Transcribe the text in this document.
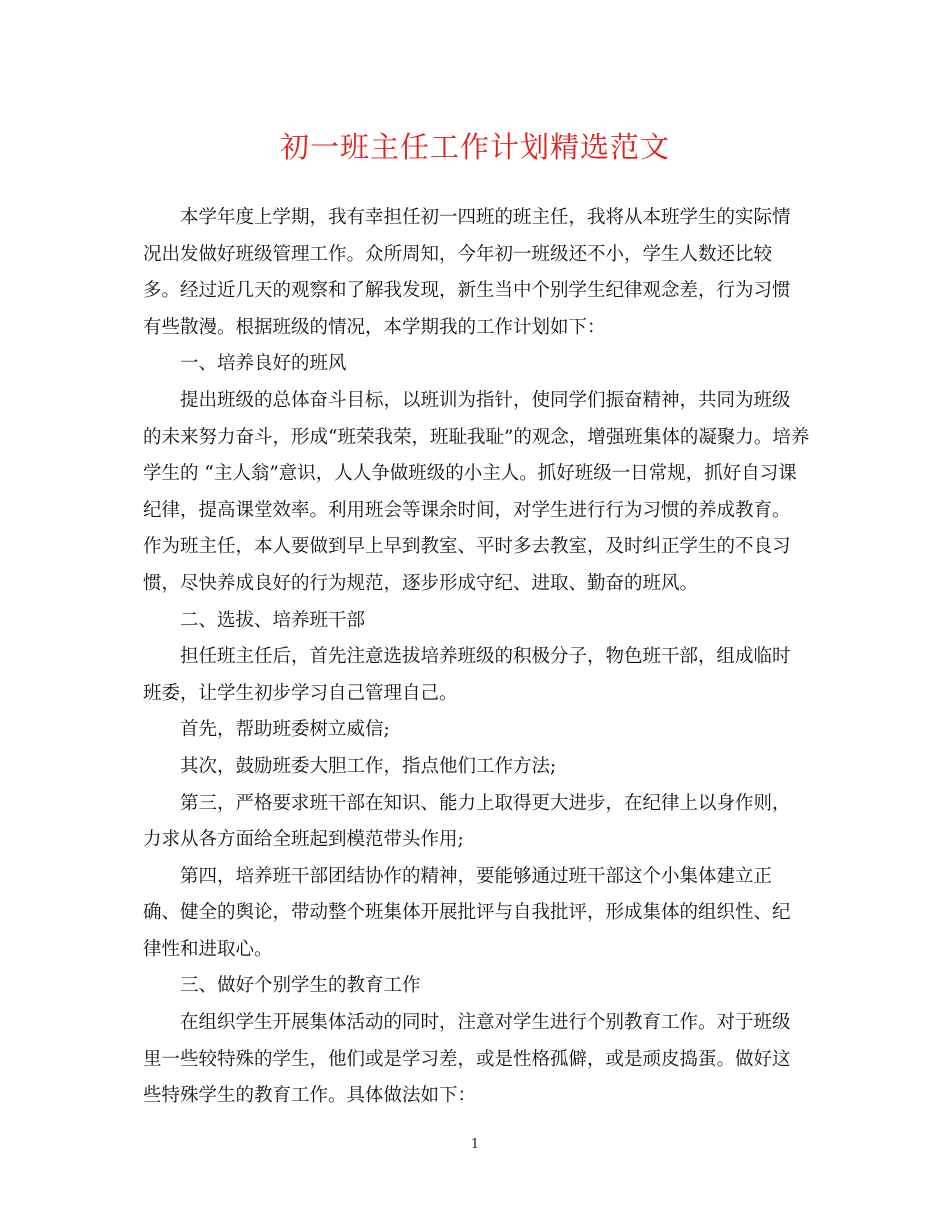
初一班主任工作计划精选范文
本学年度上学期，我有幸担任初一四班的班主任，我将从本班学生的实际情
况出发做好班级管理工作。众所周知，今年初一班级还不小，学生人数还比较
多。经过近几天的观察和了解我发现，新生当中个别学生纪律观念差，行为习惯
有些散漫。根据班级的情况，本学期我的工作计划如下：
一、培养良好的班风
提出班级的总体奋斗目标，以班训为指针，使同学们振奋精神，共同为班级
的未来努力奋斗，形成“班荣我荣，班耻我耻”的观念，增强班集体的凝聚力。培养
学生的 “主人翁”意识，人人争做班级的小主人。抓好班级一日常规，抓好自习课
纪律，提高课堂效率。利用班会等课余时间，对学生进行行为习惯的养成教育。
作为班主任，本人要做到早上早到教室、平时多去教室，及时纠正学生的不良习
惯，尽快养成良好的行为规范，逐步形成守纪、进取、勤奋的班风。
二、选拔、培养班干部
担任班主任后，首先注意选拔培养班级的积极分子，物色班干部，组成临时
班委，让学生初步学习自己管理自己。
首先，帮助班委树立威信;
其次，鼓励班委大胆工作，指点他们工作方法;
第三，严格要求班干部在知识、能力上取得更大进步，在纪律上以身作则，
力求从各方面给全班起到模范带头作用;
第四，培养班干部团结协作的精神，要能够通过班干部这个小集体建立正
确、健全的舆论，带动整个班集体开展批评与自我批评，形成集体的组织性、纪
律性和进取心。
三、做好个别学生的教育工作
在组织学生开展集体活动的同时，注意对学生进行个别教育工作。对于班级
里一些较特殊的学生，他们或是学习差，或是性格孤僻，或是顽皮捣蛋。做好这
些特殊学生的教育工作。具体做法如下：
1
